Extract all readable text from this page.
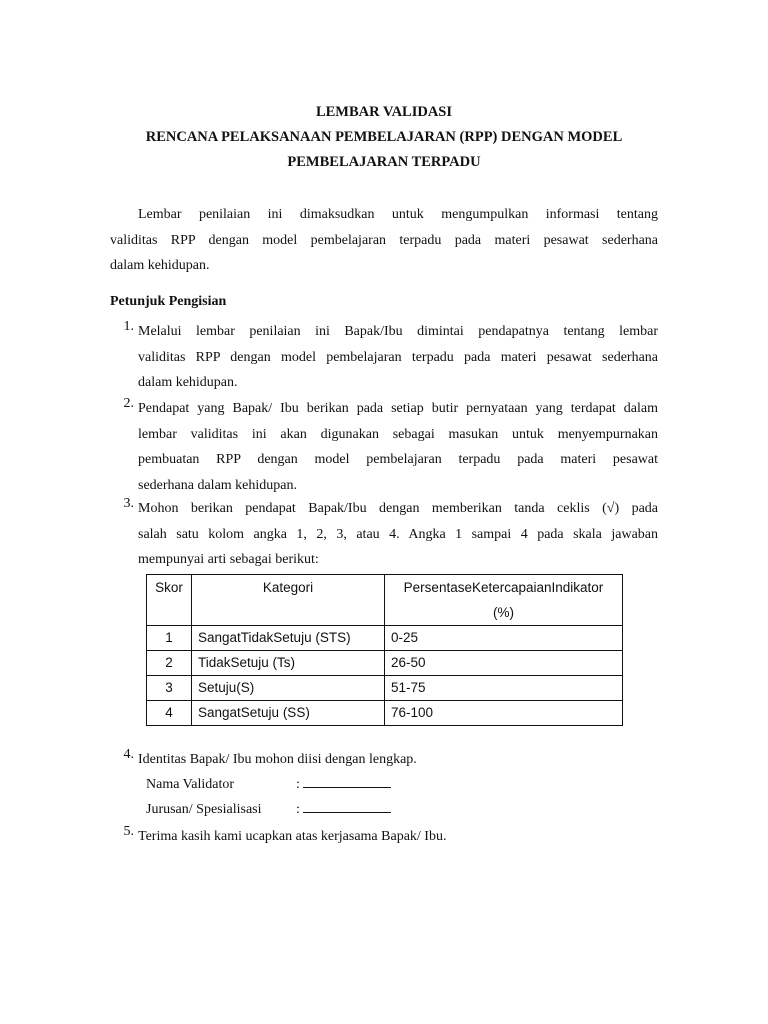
LEMBAR VALIDASI
RENCANA PELAKSANAAN PEMBELAJARAN (RPP) DENGAN MODEL
PEMBELAJARAN TERPADU
Lembar penilaian ini dimaksudkan untuk mengumpulkan informasi tentang
validitas RPP dengan model pembelajaran terpadu pada materi pesawat sederhana
dalam kehidupan.
Petunjuk Pengisian
1. Melalui lembar penilaian ini Bapak/Ibu dimintai pendapatnya tentang lembar
validitas RPP dengan model pembelajaran terpadu pada materi pesawat sederhana
dalam kehidupan.
2. Pendapat yang Bapak/ Ibu berikan pada setiap butir pernyataan yang terdapat dalam
lembar validitas ini akan digunakan sebagai masukan untuk menyempurnakan
pembuatan RPP dengan model pembelajaran terpadu pada materi pesawat
sederhana dalam kehidupan.
3. Mohon berikan pendapat Bapak/Ibu dengan memberikan tanda ceklis (√) pada
salah satu kolom angka 1, 2, 3, atau 4. Angka 1 sampai 4 pada skala jawaban
mempunyai arti sebagai berikut:
Skor	Kategori	PersentaseKetercapaianIndikator
(%)

1	SangatTidakSetuju (STS)	0-25
2	TidakSetuju (Ts)	26-50
3	Setuju(S)	51-75
4	SangatSetuju (SS)	76-100
4. Identitas Bapak/ Ibu mohon diisi dengan lengkap.
Nama Validator	:
Jurusan/ Spesialisasi :
5. Terima kasih kami ucapkan atas kerjasama Bapak/ Ibu.
